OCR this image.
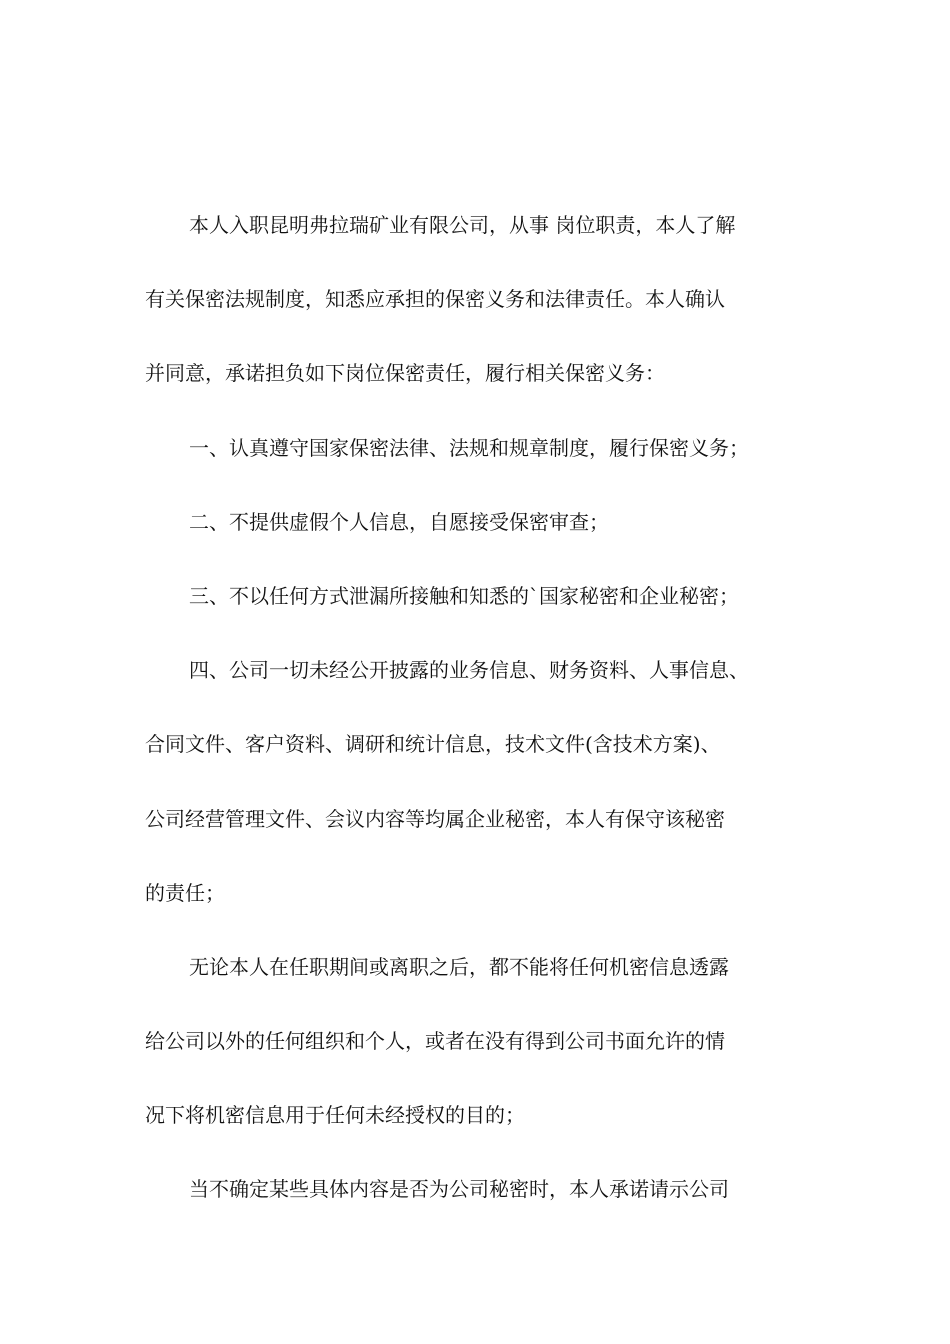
本人入职昆明弗拉瑞矿业有限公司，从事 岗位职责，本人了解
有关保密法规制度，知悉应承担的保密义务和法律责任。本人确认
并同意，承诺担负如下岗位保密责任，履行相关保密义务：
一、认真遵守国家保密法律、法规和规章制度，履行保密义务；
二、不提供虚假个人信息，自愿接受保密审查；
三、不以任何方式泄漏所接触和知悉的`国家秘密和企业秘密；
四、公司一切未经公开披露的业务信息、财务资料、人事信息、
合同文件、客户资料、调研和统计信息，技术文件(含技术方案)、
公司经营管理文件、会议内容等均属企业秘密，本人有保守该秘密
的责任；
无论本人在任职期间或离职之后，都不能将任何机密信息透露
给公司以外的任何组织和个人，或者在没有得到公司书面允许的情
况下将机密信息用于任何未经授权的目的；
当不确定某些具体内容是否为公司秘密时，本人承诺请示公司
